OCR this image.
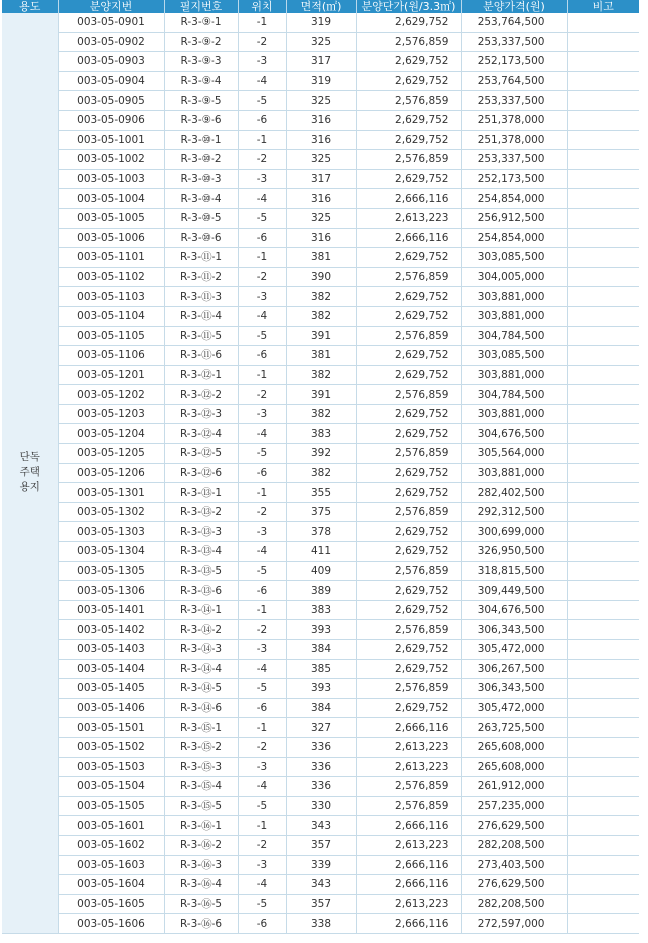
용도	분양지번	필지번호	위치	면적(㎡)	분양단가(원/3.3㎡)	분양가격(원)	비고

단독
주택
용지	003-05-0901	R-3-⑨-1	-1	319	2,629,752	253,764,500	
	003-05-0902	R-3-⑨-2	-2	325	2,576,859	253,337,500	
	003-05-0903	R-3-⑨-3	-3	317	2,629,752	252,173,500	
	003-05-0904	R-3-⑨-4	-4	319	2,629,752	253,764,500	
	003-05-0905	R-3-⑨-5	-5	325	2,576,859	253,337,500	
	003-05-0906	R-3-⑨-6	-6	316	2,629,752	251,378,000	
	003-05-1001	R-3-⑩-1	-1	316	2,629,752	251,378,000	
	003-05-1002	R-3-⑩-2	-2	325	2,576,859	253,337,500	
	003-05-1003	R-3-⑩-3	-3	317	2,629,752	252,173,500	
	003-05-1004	R-3-⑩-4	-4	316	2,666,116	254,854,000	
	003-05-1005	R-3-⑩-5	-5	325	2,613,223	256,912,500	
	003-05-1006	R-3-⑩-6	-6	316	2,666,116	254,854,000	
	003-05-1101	R-3-⑪-1	-1	381	2,629,752	303,085,500	
	003-05-1102	R-3-⑪-2	-2	390	2,576,859	304,005,000	
	003-05-1103	R-3-⑪-3	-3	382	2,629,752	303,881,000	
	003-05-1104	R-3-⑪-4	-4	382	2,629,752	303,881,000	
	003-05-1105	R-3-⑪-5	-5	391	2,576,859	304,784,500	
	003-05-1106	R-3-⑪-6	-6	381	2,629,752	303,085,500	
	003-05-1201	R-3-⑫-1	-1	382	2,629,752	303,881,000	
	003-05-1202	R-3-⑫-2	-2	391	2,576,859	304,784,500	
	003-05-1203	R-3-⑫-3	-3	382	2,629,752	303,881,000	
	003-05-1204	R-3-⑫-4	-4	383	2,629,752	304,676,500	
	003-05-1205	R-3-⑫-5	-5	392	2,576,859	305,564,000	
	003-05-1206	R-3-⑫-6	-6	382	2,629,752	303,881,000	
	003-05-1301	R-3-⑬-1	-1	355	2,629,752	282,402,500	
	003-05-1302	R-3-⑬-2	-2	375	2,576,859	292,312,500	
	003-05-1303	R-3-⑬-3	-3	378	2,629,752	300,699,000	
	003-05-1304	R-3-⑬-4	-4	411	2,629,752	326,950,500	
	003-05-1305	R-3-⑬-5	-5	409	2,576,859	318,815,500	
	003-05-1306	R-3-⑬-6	-6	389	2,629,752	309,449,500	
	003-05-1401	R-3-⑭-1	-1	383	2,629,752	304,676,500	
	003-05-1402	R-3-⑭-2	-2	393	2,576,859	306,343,500	
	003-05-1403	R-3-⑭-3	-3	384	2,629,752	305,472,000	
	003-05-1404	R-3-⑭-4	-4	385	2,629,752	306,267,500	
	003-05-1405	R-3-⑭-5	-5	393	2,576,859	306,343,500	
	003-05-1406	R-3-⑭-6	-6	384	2,629,752	305,472,000	
	003-05-1501	R-3-⑮-1	-1	327	2,666,116	263,725,500	
	003-05-1502	R-3-⑮-2	-2	336	2,613,223	265,608,000	
	003-05-1503	R-3-⑮-3	-3	336	2,613,223	265,608,000	
	003-05-1504	R-3-⑮-4	-4	336	2,576,859	261,912,000	
	003-05-1505	R-3-⑮-5	-5	330	2,576,859	257,235,000	
	003-05-1601	R-3-⑯-1	-1	343	2,666,116	276,629,500	
	003-05-1602	R-3-⑯-2	-2	357	2,613,223	282,208,500	
	003-05-1603	R-3-⑯-3	-3	339	2,666,116	273,403,500	
	003-05-1604	R-3-⑯-4	-4	343	2,666,116	276,629,500	
	003-05-1605	R-3-⑯-5	-5	357	2,613,223	282,208,500	
	003-05-1606	R-3-⑯-6	-6	338	2,666,116	272,597,000	
